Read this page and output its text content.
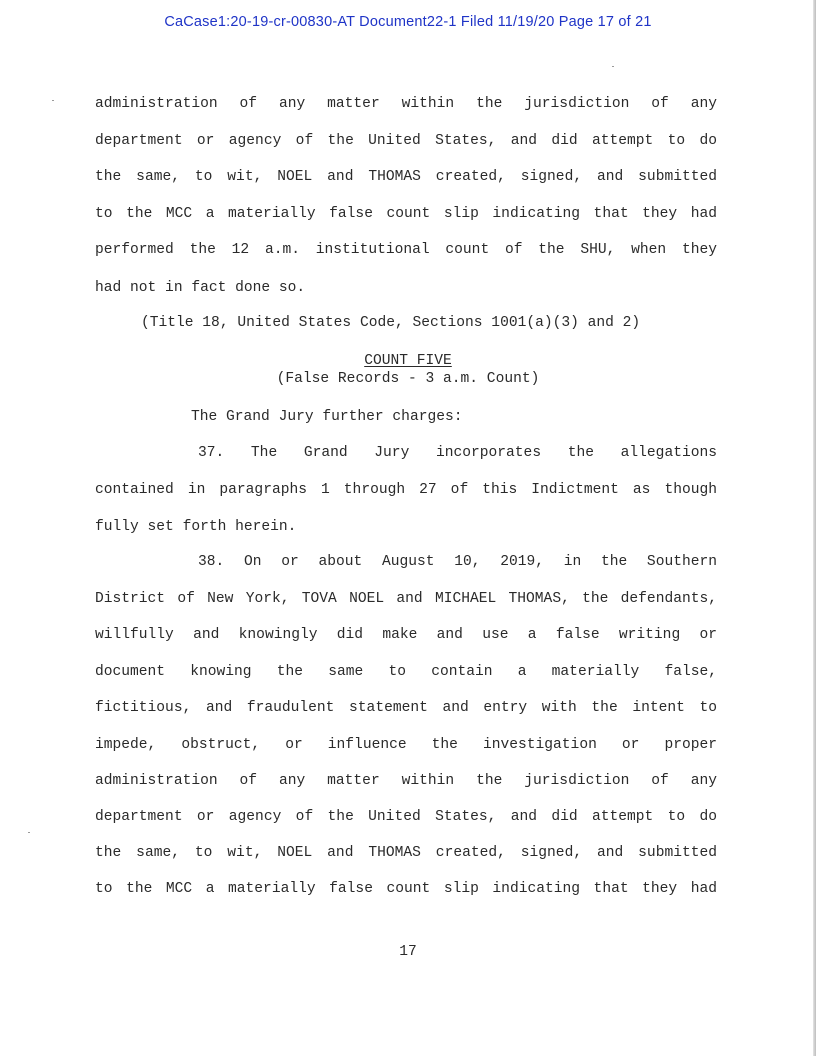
CaCase1:20-19-cr-00830-AT Document22-1 Filed 11/19/20 Page 17 of 21
administration of any matter within the jurisdiction of any
department or agency of the United States, and did attempt to do
the same, to wit, NOEL and THOMAS created, signed, and submitted
to the MCC a materially false count slip indicating that they had
performed the 12 a.m. institutional count of the SHU, when they
had not in fact done so.
(Title 18, United States Code, Sections 1001(a)(3) and 2)
COUNT FIVE
(False Records - 3 a.m. Count)
The Grand Jury further charges:
37. The Grand Jury incorporates the allegations
contained in paragraphs 1 through 27 of this Indictment as though
fully set forth herein.
38. On or about August 10, 2019, in the Southern
District of New York, TOVA NOEL and MICHAEL THOMAS, the defendants,
willfully and knowingly did make and use a false writing or
document knowing the same to contain a materially false,
fictitious, and fraudulent statement and entry with the intent to
impede, obstruct, or influence the investigation or proper
administration of any matter within the jurisdiction of any
department or agency of the United States, and did attempt to do
the same, to wit, NOEL and THOMAS created, signed, and submitted
to the MCC a materially false count slip indicating that they had
17
